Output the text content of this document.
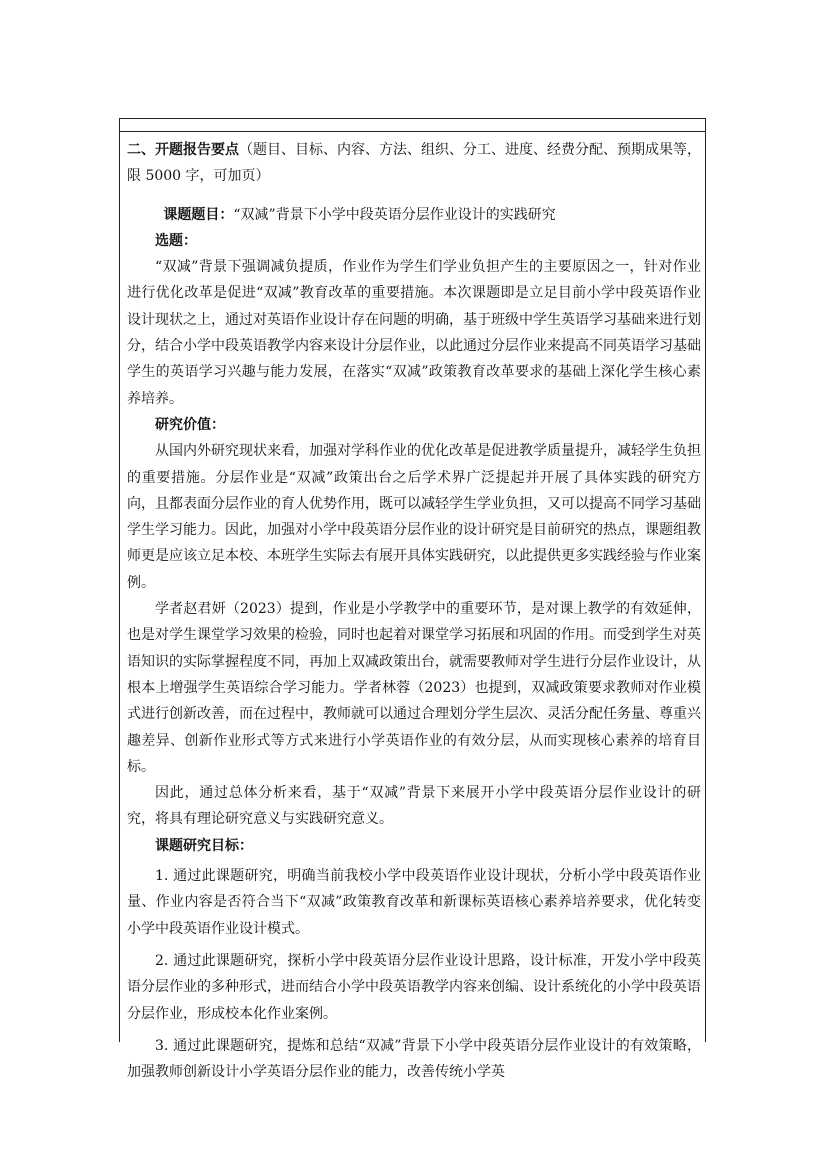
二、开题报告要点（题目、目标、内容、方法、组织、分工、进度、经费分配、预期成果等，限 5000 字，可加页）

课题题目：“双减”背景下小学中段英语分层作业设计的实践研究

选题：

“双减”背景下强调减负提质，作业作为学生们学业负担产生的主要原因之一，针对作业进行优化改革是促进“双减”教育改革的重要措施。本次课题即是立足目前小学中段英语作业设计现状之上，通过对英语作业设计存在问题的明确，基于班级中学生英语学习基础来进行划分，结合小学中段英语教学内容来设计分层作业，以此通过分层作业来提高不同英语学习基础学生的英语学习兴趣与能力发展，在落实“双减”政策教育改革要求的基础上深化学生核心素养培养。

研究价值：

从国内外研究现状来看，加强对学科作业的优化改革是促进教学质量提升，减轻学生负担的重要措施。分层作业是“双减”政策出台之后学术界广泛提起并开展了具体实践的研究方向，且都表面分层作业的育人优势作用，既可以减轻学生学业负担，又可以提高不同学习基础学生学习能力。因此，加强对小学中段英语分层作业的设计研究是目前研究的热点，课题组教师更是应该立足本校、本班学生实际去有展开具体实践研究，以此提供更多实践经验与作业案例。

学者赵君妍（2023）提到，作业是小学教学中的重要环节，是对课上教学的有效延伸，也是对学生课堂学习效果的检验，同时也起着对课堂学习拓展和巩固的作用。而受到学生对英语知识的实际掌握程度不同，再加上双减政策出台，就需要教师对学生进行分层作业设计，从根本上增强学生英语综合学习能力。学者林蓉（2023）也提到，双减政策要求教师对作业模式进行创新改善，而在过程中，教师就可以通过合理划分学生层次、灵活分配任务量、尊重兴趣差异、创新作业形式等方式来进行小学英语作业的有效分层，从而实现核心素养的培育目标。

因此，通过总体分析来看，基于“双减”背景下来展开小学中段英语分层作业设计的研究，将具有理论研究意义与实践研究意义。

课题研究目标：

1. 通过此课题研究，明确当前我校小学中段英语作业设计现状，分析小学中段英语作业量、作业内容是否符合当下“双减”政策教育改革和新课标英语核心素养培养要求，优化转变小学中段英语作业设计模式。

2. 通过此课题研究，探析小学中段英语分层作业设计思路，设计标准，开发小学中段英语分层作业的多种形式，进而结合小学中段英语教学内容来创编、设计系统化的小学中段英语分层作业，形成校本化作业案例。

3. 通过此课题研究，提炼和总结“双减”背景下小学中段英语分层作业设计的有效策略，加强教师创新设计小学英语分层作业的能力，改善传统小学英
